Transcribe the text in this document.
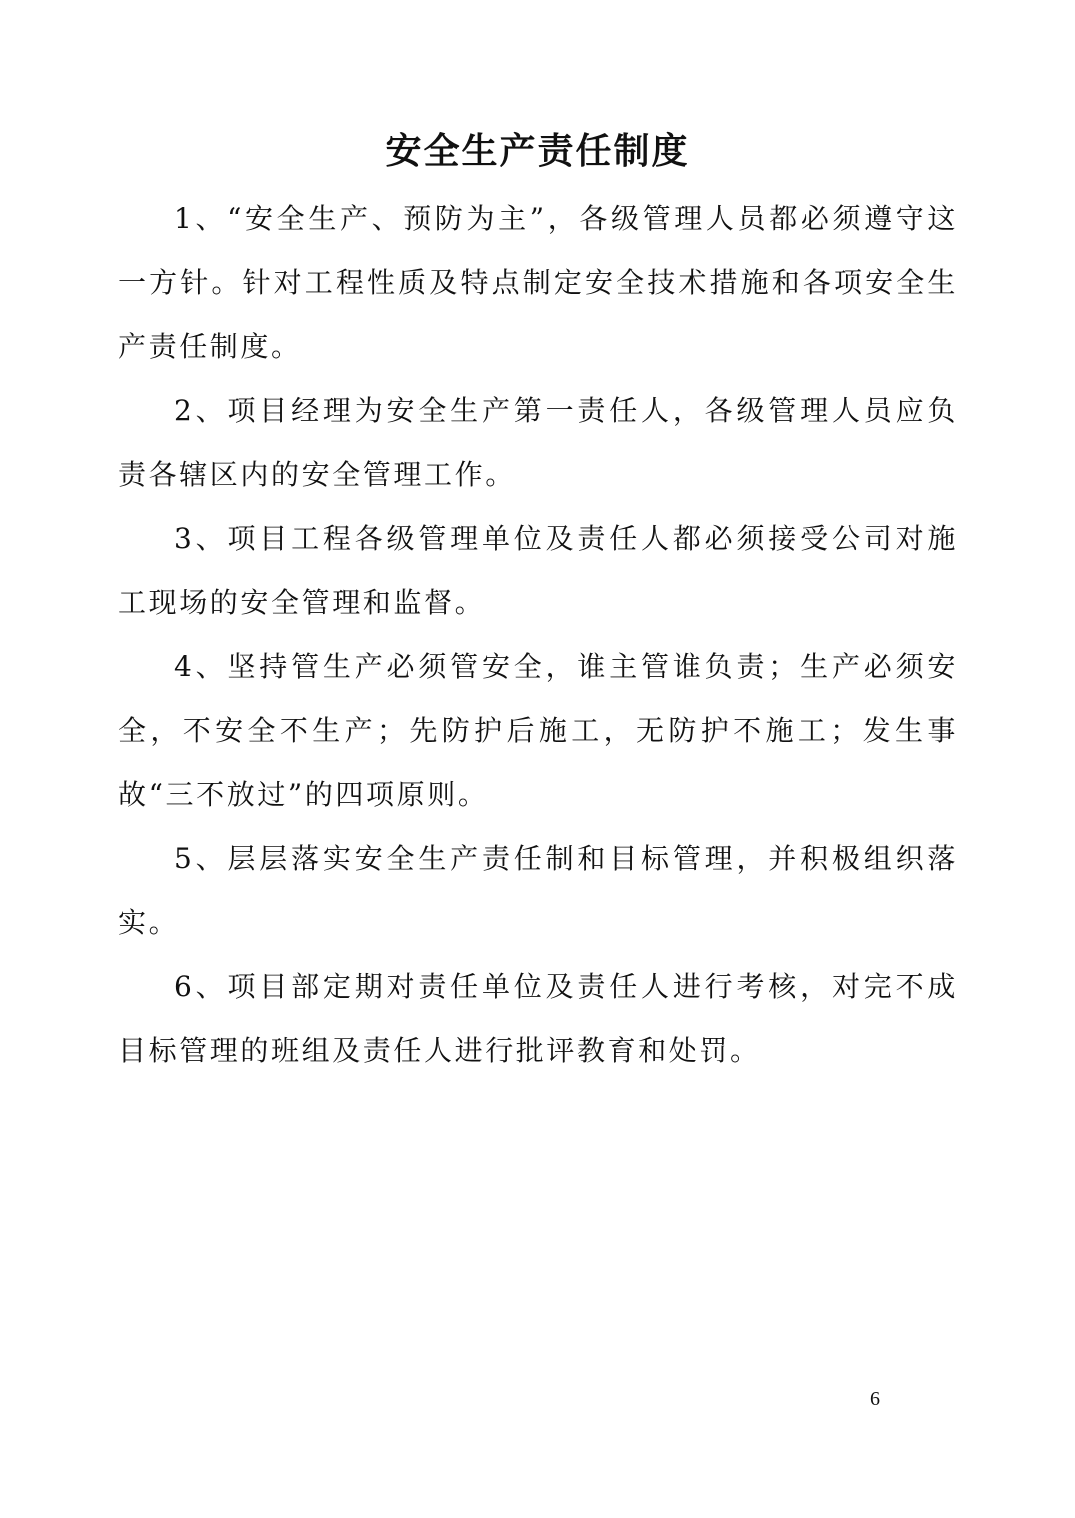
安全生产责任制度

1、“安全生产、预防为主”，各级管理人员都必须遵守这一方针。针对工程性质及特点制定安全技术措施和各项安全生产责任制度。

2、项目经理为安全生产第一责任人，各级管理人员应负责各辖区内的安全管理工作。

3、项目工程各级管理单位及责任人都必须接受公司对施工现场的安全管理和监督。

4、坚持管生产必须管安全，谁主管谁负责；生产必须安全，不安全不生产；先防护后施工，无防护不施工；发生事故“三不放过”的四项原则。

5、层层落实安全生产责任制和目标管理，并积极组织落实。

6、项目部定期对责任单位及责任人进行考核，对完不成目标管理的班组及责任人进行批评教育和处罚。

6
